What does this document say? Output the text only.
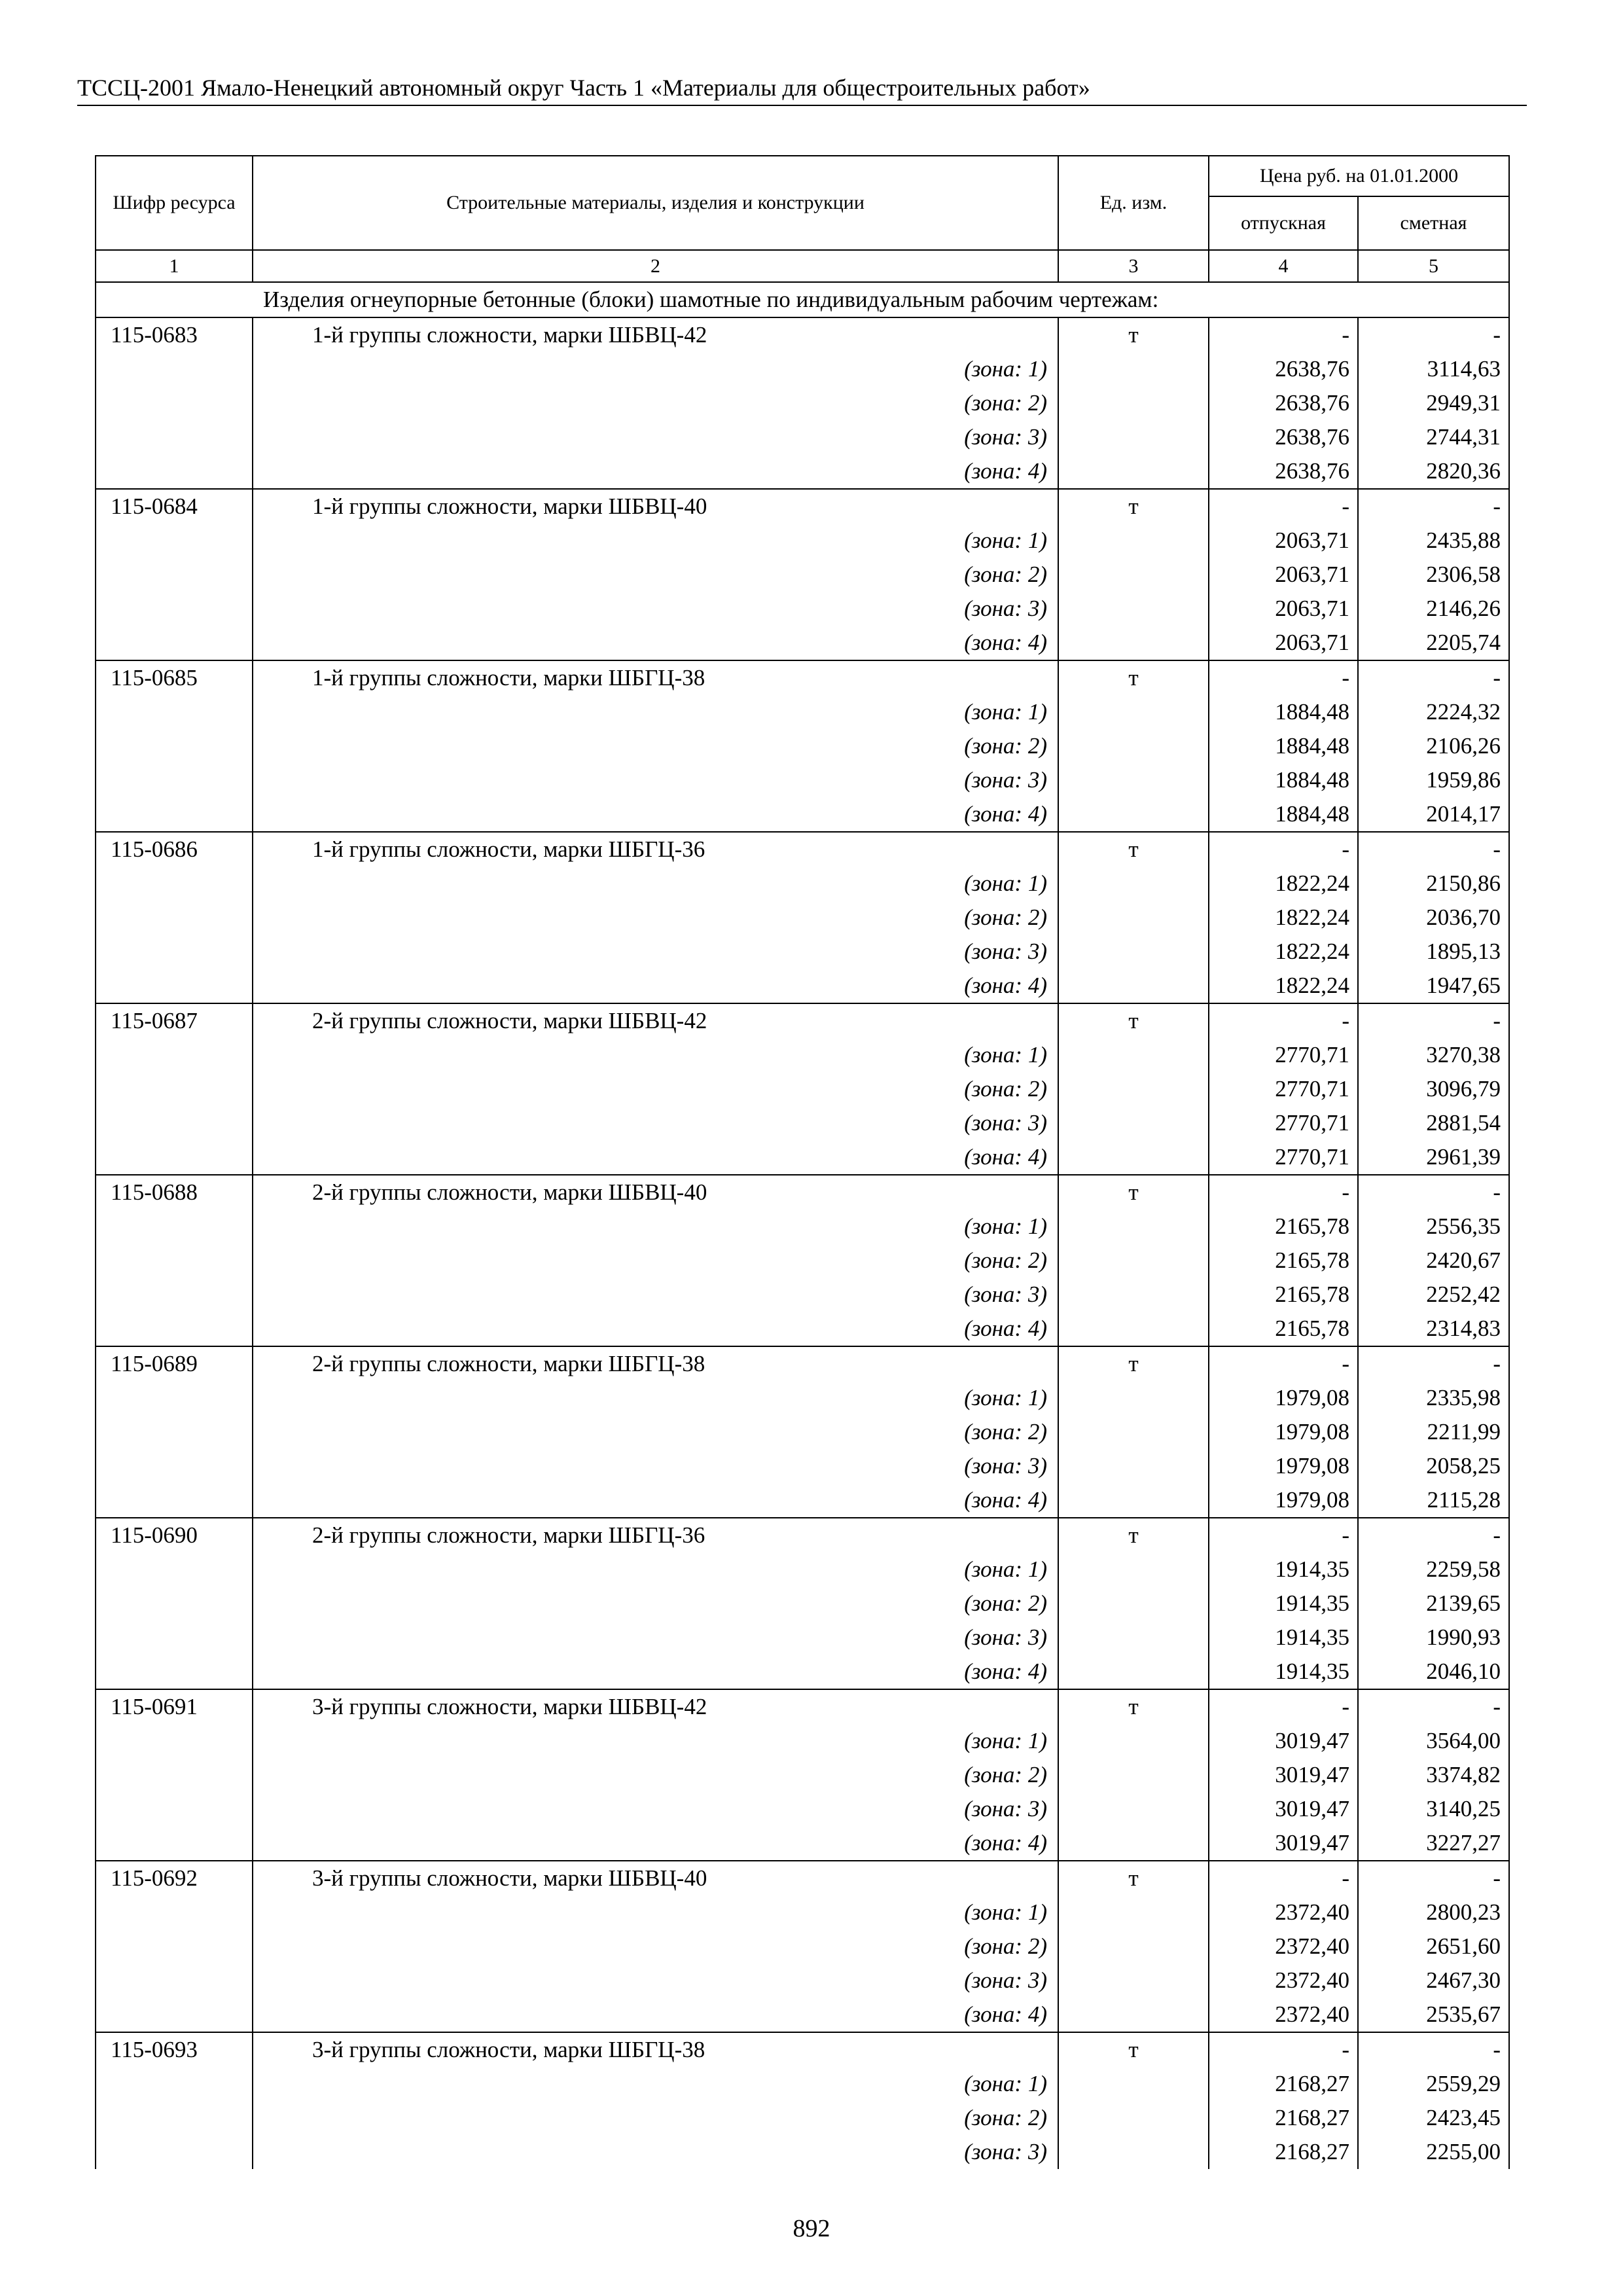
ТССЦ-2001 Ямало-Ненецкий автономный округ Часть 1 «Материалы для общестроительных работ»
Шифр ресурса	Строительные материалы, изделия и конструкции	Ед. изм.	Цена руб. на 01.01.2000	
			отпускная	сметная
1	2	3	4	5
Изделия огнеупорные бетонные (блоки) шамотные по индивидуальным рабочим чертежам:				
115-0683	1-й группы сложности, марки ШБВЦ-42	т	-	-
	(зона: 1)		2638,76	3114,63
	(зона: 2)		2638,76	2949,31
	(зона: 3)		2638,76	2744,31
	(зона: 4)		2638,76	2820,36
115-0684	1-й группы сложности, марки ШБВЦ-40	т	-	-
	(зона: 1)		2063,71	2435,88
	(зона: 2)		2063,71	2306,58
	(зона: 3)		2063,71	2146,26
	(зона: 4)		2063,71	2205,74
115-0685	1-й группы сложности, марки ШБГЦ-38	т	-	-
	(зона: 1)		1884,48	2224,32
	(зона: 2)		1884,48	2106,26
	(зона: 3)		1884,48	1959,86
	(зона: 4)		1884,48	2014,17
115-0686	1-й группы сложности, марки ШБГЦ-36	т	-	-
	(зона: 1)		1822,24	2150,86
	(зона: 2)		1822,24	2036,70
	(зона: 3)		1822,24	1895,13
	(зона: 4)		1822,24	1947,65
115-0687	2-й группы сложности, марки ШБВЦ-42	т	-	-
	(зона: 1)		2770,71	3270,38
	(зона: 2)		2770,71	3096,79
	(зона: 3)		2770,71	2881,54
	(зона: 4)		2770,71	2961,39
115-0688	2-й группы сложности, марки ШБВЦ-40	т	-	-
	(зона: 1)		2165,78	2556,35
	(зона: 2)		2165,78	2420,67
	(зона: 3)		2165,78	2252,42
	(зона: 4)		2165,78	2314,83
115-0689	2-й группы сложности, марки ШБГЦ-38	т	-	-
	(зона: 1)		1979,08	2335,98
	(зона: 2)		1979,08	2211,99
	(зона: 3)		1979,08	2058,25
	(зона: 4)		1979,08	2115,28
115-0690	2-й группы сложности, марки ШБГЦ-36	т	-	-
	(зона: 1)		1914,35	2259,58
	(зона: 2)		1914,35	2139,65
	(зона: 3)		1914,35	1990,93
	(зона: 4)		1914,35	2046,10
115-0691	3-й группы сложности, марки ШБВЦ-42	т	-	-
	(зона: 1)		3019,47	3564,00
	(зона: 2)		3019,47	3374,82
	(зона: 3)		3019,47	3140,25
	(зона: 4)		3019,47	3227,27
115-0692	3-й группы сложности, марки ШБВЦ-40	т	-	-
	(зона: 1)		2372,40	2800,23
	(зона: 2)		2372,40	2651,60
	(зона: 3)		2372,40	2467,30
	(зона: 4)		2372,40	2535,67
115-0693	3-й группы сложности, марки ШБГЦ-38	т	-	-
	(зона: 1)		2168,27	2559,29
	(зона: 2)		2168,27	2423,45
	(зона: 3)		2168,27	2255,00
892
